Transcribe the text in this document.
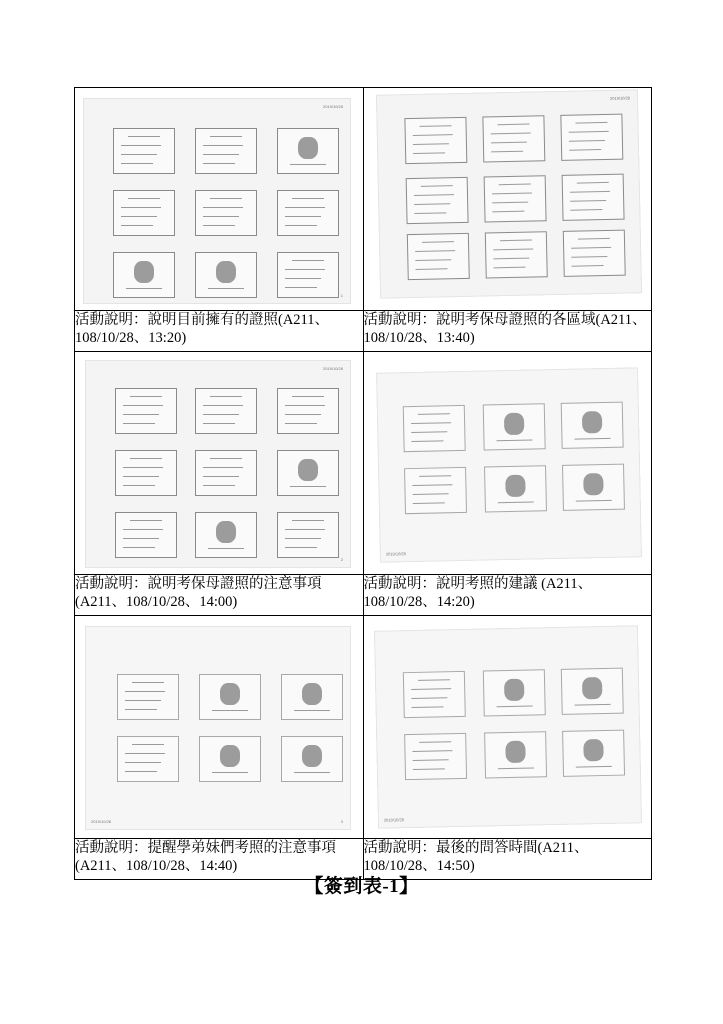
2019/10/28
1	2019/10/28

活動說明：說明目前擁有的證照(A211、108/10/28、13:20)	活動說明：說明考保母證照的各區域(A211、108/10/28、13:40)

2019/10/28
2	2019/10/28

活動說明：說明考保母證照的注意事項(A211、108/10/28、14:00)	活動說明：說明考照的建議 (A211、108/10/28、14:20)

2019/10/28 3	2019/10/28

活動說明：提醒學弟妹們考照的注意事項(A211、108/10/28、14:40)	活動說明：最後的問答時間(A211、108/10/28、14:50)
【簽到表-1】
